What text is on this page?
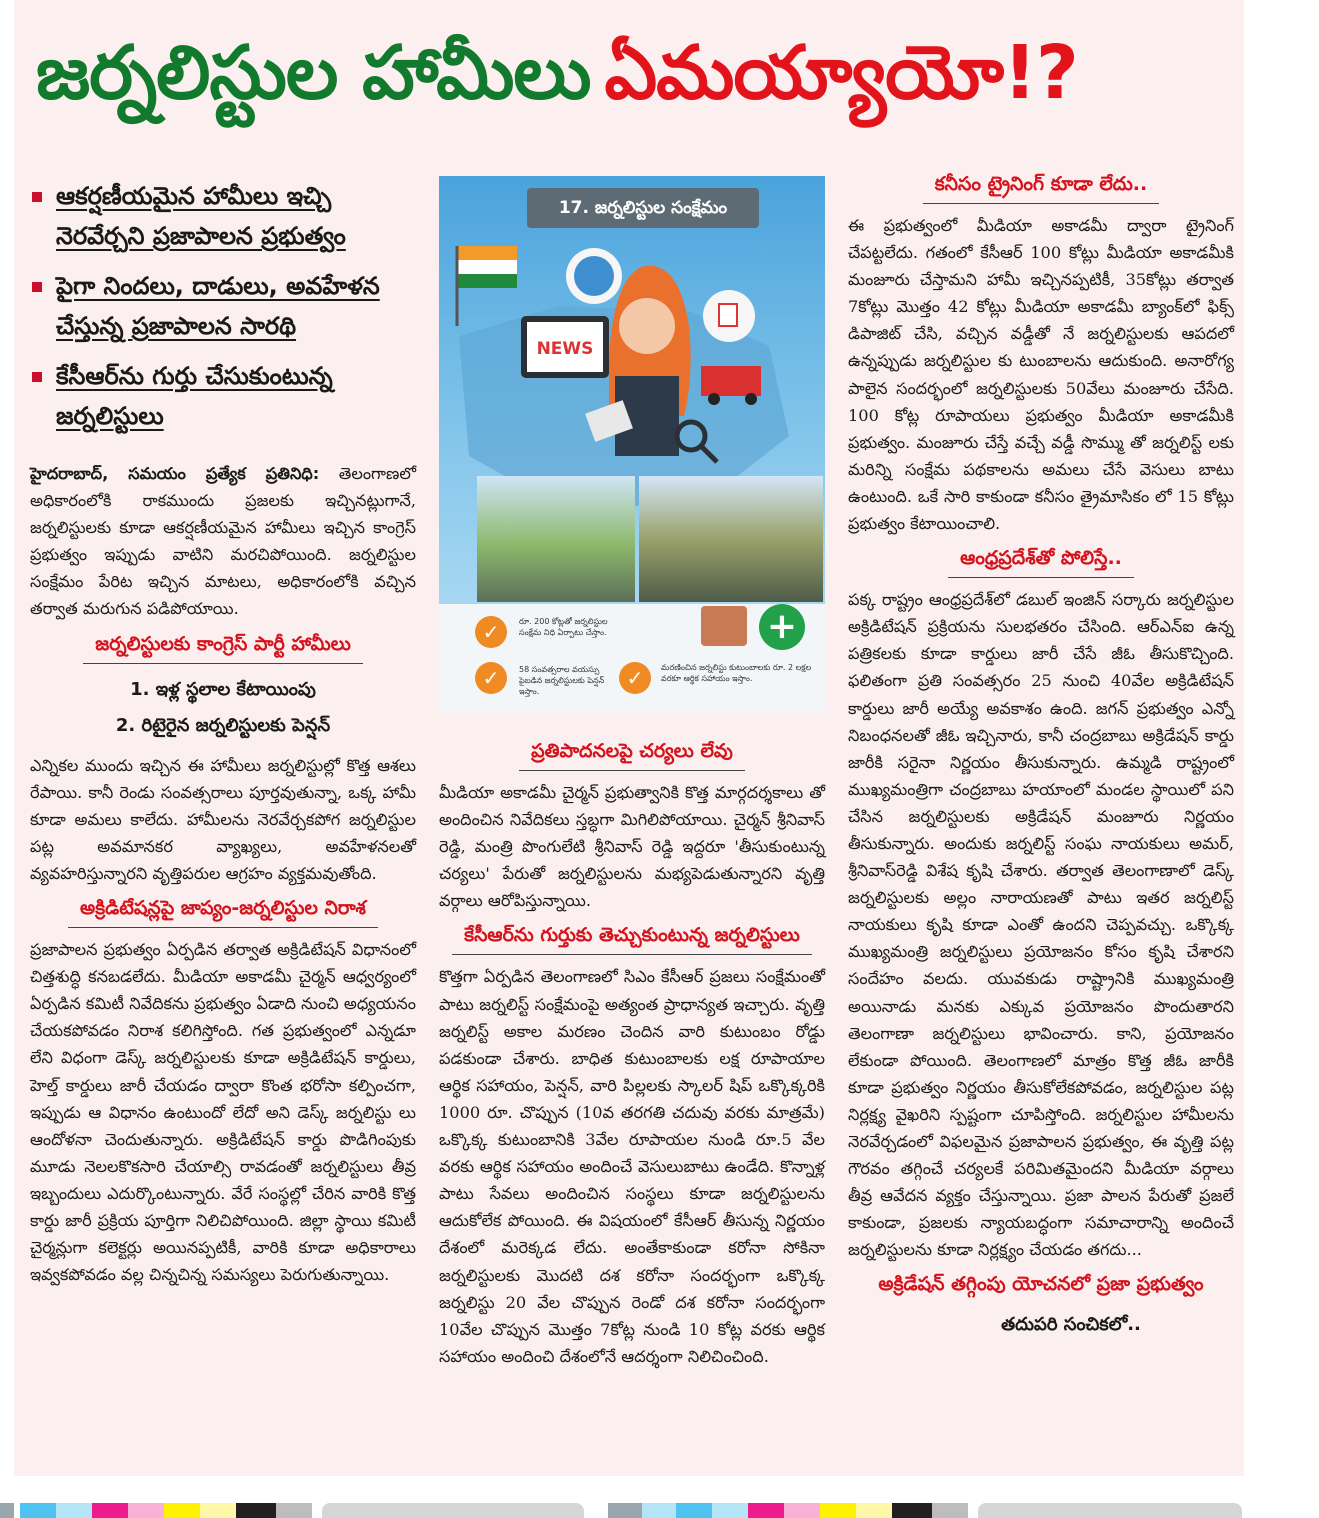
జర్నలిస్టుల హామీలు ఏమయ్యాయో!?
ఆకర్షణీయమైన హామీలు ఇచ్చి
నెరవేర్చని ప్రజాపాలన ప్రభుత్వం
పైగా నిందలు, దాడులు, అవహేళన
చేస్తున్న ప్రజాపాలన సారథి
కేసీఆర్‌ను గుర్తు చేసుకుంటున్న
జర్నలిస్టులు

హైదరాబాద్, సమయం ప్రత్యేక ప్రతినిధి: తెలంగాణలో అధికారంలోకి రాకముందు ప్రజలకు ఇచ్చినట్లుగానే, జర్నలిస్టులకు కూడా ఆకర్షణీయమైన హామీలు ఇచ్చిన కాంగ్రెస్ ప్రభుత్వం ఇప్పుడు వాటిని మరచిపోయింది. జర్నలిస్టుల సంక్షేమం పేరిట ఇచ్చిన మాటలు, అధికారంలోకి వచ్చిన తర్వాత మరుగున పడిపోయాయి.

జర్నలిస్టులకు కాంగ్రెస్ పార్టీ హామీలు
1. ఇళ్ల స్థలాల కేటాయింపు
2. రిటైరైన జర్నలిస్టులకు పెన్షన్

ఎన్నికల ముందు ఇచ్చిన ఈ హామీలు జర్నలిస్టుల్లో కొత్త ఆశలు రేపాయి. కానీ రెండు సంవత్సరాలు పూర్తవుతున్నా, ఒక్క హామీ కూడా అమలు కాలేదు. హామీలను నెరవేర్చకపోగ జర్నలిస్టుల పట్ల అవమానకర వ్యాఖ్యలు, అవహేళనలతో వ్యవహరిస్తున్నారని వృత్తిపరుల ఆగ్రహం వ్యక్తమవుతోంది.

అక్రిడిటేషన్లపై జాప్యం-జర్నలిస్టుల నిరాశ

ప్రజాపాలన ప్రభుత్వం ఏర్పడిన తర్వాత అక్రిడిటేషన్ విధానంలో చిత్తశుద్ధి కనబడలేదు. మీడియా అకాడమీ చైర్మన్ ఆధ్వర్యంలో ఏర్పడిన కమిటీ నివేదికను ప్రభుత్వం ఏడాది నుంచి అధ్యయనం చేయకపోవడం నిరాశ కలిగిస్తోంది. గత ప్రభుత్వంలో ఎన్నడూ లేని విధంగా డెస్క్ జర్నలిస్టులకు కూడా అక్రిడిటేషన్ కార్డులు, హెల్త్ కార్డులు జారీ చేయడం ద్వారా కొంత భరోసా కల్పించగా, ఇప్పుడు ఆ విధానం ఉంటుందో లేదో అని డెస్క్ జర్నలిస్టు లు ఆందోళనా చెందుతున్నారు. అక్రిడిటేషన్ కార్డు పొడిగింపుకు మూడు నెలలకొకసారి చేయాల్సి రావడంతో జర్నలిస్టులు తీవ్ర ఇబ్బందులు ఎదుర్కొంటున్నారు. వేరే సంస్థల్లో చేరిన వారికి కొత్త కార్డు జారీ ప్రక్రియ పూర్తిగా నిలిచిపోయింది. జిల్లా స్థాయి కమిటీ చైర్మన్లుగా కలెక్టర్లు అయినప్పటికీ, వారికి కూడా అధికారాలు ఇవ్వకపోవడం వల్ల చిన్నచిన్న సమస్యలు పెరుగుతున్నాయి.

17. జర్నలిస్టుల సంక్షేమం
NEWS
✓	రూ. 200 కోట్లతో జర్నలిస్టుల సంక్షేమ నిధి ఏర్పాటు చేస్తాం.
✓	58 సంవత్సరాల వయస్సు పైబడిన జర్నలిస్టులకు పెన్షన్ ఇస్తాం.
✓	మరణించిన జర్నలిస్టు కుటుంబాలకు రూ. 2 లక్షల వరకూ ఆర్థిక సహాయం ఇస్తాం.
+
ప్రతిపాదనలపై చర్యలు లేవు

మీడియా అకాడమీ చైర్మన్ ప్రభుత్వానికి కొత్త మార్గదర్శకాలు తో అందించిన నివేదికలు స్తబ్ధగా మిగిలిపోయాయి. చైర్మన్ శ్రీనివాస్ రెడ్డి, మంత్రి పొంగులేటి శ్రీనివాస్ రెడ్డి ఇద్దరూ 'తీసుకుంటున్న చర్యలు' పేరుతో జర్నలిస్టులను మభ్యపెడుతున్నారని వృత్తి వర్గాలు ఆరోపిస్తున్నాయి.

కేసీఆర్‌ను గుర్తుకు తెచ్చుకుంటున్న జర్నలిస్టులు

కొత్తగా ఏర్పడిన తెలంగాణలో సిఎం కేసీఆర్ ప్రజలు సంక్షేమంతో పాటు జర్నలిస్ట్ సంక్షేమంపై అత్యంత ప్రాధాన్యత ఇచ్చారు. వృత్తి జర్నలిస్ట్ అకాల మరణం చెందిన వారి కుటుంబం రోడ్డు పడకుండా చేశారు. బాధిత కుటుంబాలకు లక్ష రూపాయాల ఆర్థిక సహాయం, పెన్షన్, వారి పిల్లలకు స్కాలర్ షిప్ ఒక్కొక్కరికి 1000 రూ. చొప్పున (10వ తరగతి చదువు వరకు మాత్రమే) ఒక్కొక్క కుటుంబానికి 3వేల రూపాయల నుండి రూ.5 వేల వరకు ఆర్థిక సహాయం అందించే వెసులుబాటు ఉండేది. కొన్నాళ్ల పాటు సేవలు అందించిన సంస్థలు కూడా జర్నలిస్టులను ఆదుకోలేక పోయింది. ఈ విషయంలో కేసీఆర్ తీసున్న నిర్ణయం దేశంలో మరెక్కడ లేదు. అంతేకాకుండా కరోనా సోకినా జర్నలిస్టులకు మొదటి దశ కరోనా సందర్భంగా ఒక్కొక్క జర్నలిస్టు 20 వేల చొప్పున రెండో దశ కరోనా సందర్భంగా 10వేల చొప్పున మొత్తం 7కోట్ల నుండి 10 కోట్ల వరకు ఆర్థిక సహాయం అందించి దేశంలోనే ఆదర్శంగా నిలిచించింది.

కనీసం ట్రైనింగ్ కూడా లేదు..

ఈ ప్రభుత్వంలో మీడియా అకాడమీ ద్వారా ట్రైనింగ్ చేపట్టలేదు. గతంలో కేసీఆర్ 100 కోట్లు మీడియా అకాడమీకి మంజూరు చేస్తామని హామీ ఇచ్చినప్పటికీ, 35కోట్లు తర్వాత 7కోట్లు మొత్తం 42 కోట్లు మీడియా అకాడమీ బ్యాంక్‌లో ఫిక్స్ డిపాజిట్ చేసి, వచ్చిన వడ్డీతో నే జర్నలిస్టులకు ఆపదలో ఉన్నప్పుడు జర్నలిస్టుల కు టుంబాలను ఆదుకుంది. అనారోగ్య పాలైన సందర్భంలో జర్నలిస్టులకు 50వేలు మంజూరు చేసేది. 100 కోట్ల రూపాయలు ప్రభుత్వం మీడియా అకాడమీకి ప్రభుత్వం. మంజూరు చేస్తే వచ్చే వడ్డీ సొమ్ము తో జర్నలిస్ట్ లకు మరిన్ని సంక్షేమ పథకాలను అమలు చేసే వెసులు బాటు ఉంటుంది. ఒకే సారి కాకుండా కనీసం త్రైమాసికం లో 15 కోట్లు ప్రభుత్వం కేటాయించాలి.

ఆంధ్రప్రదేశ్‌తో పోలిస్తే..

పక్క రాష్ట్రం ఆంధ్రప్రదేశ్‌లో డబుల్ ఇంజిన్ సర్కారు జర్నలిస్టుల అక్రిడిటేషన్ ప్రక్రియను సులభతరం చేసింది. ఆర్ఎన్ఐ ఉన్న పత్రికలకు కూడా కార్డులు జారీ చేసే జీఓ తీసుకొచ్చింది. ఫలితంగా ప్రతి సంవత్సరం 25 నుంచి 40వేల అక్రిడిటేషన్ కార్డులు జారీ అయ్యే అవకాశం ఉంది. జగన్ ప్రభుత్వం ఎన్నో నిబంధనలతో జీఓ ఇచ్చినారు, కానీ చంద్రబాబు అక్రిడేషన్ కార్డు జారీకి సరైనా నిర్ణయం తీసుకున్నారు. ఉమ్మడి రాష్ట్రంలో ముఖ్యమంత్రిగా చంద్రబాబు హయాంలో మండల స్థాయిలో పని చేసిన జర్నలిస్టులకు అక్రిడేషన్ మంజూరు నిర్ణయం తీసుకున్నారు. అందుకు జర్నలిస్ట్ సంఘ నాయకులు అమర్, శ్రీనివాస్‌రెడ్డి విశేష కృషి చేశారు. తర్వాత తెలంగాణాలో డెస్క్ జర్నలిస్టులకు అల్లం నారాయణతో పాటు ఇతర జర్నలిస్ట్ నాయకులు కృషి కూడా ఎంతో ఉందని చెప్పవచ్చు. ఒక్కొక్క ముఖ్యమంత్రి జర్నలిస్టులు ప్రయోజనం కోసం కృషి చేశారని సందేహం వలదు. యువకుడు రాష్ట్రానికి ముఖ్యమంత్రి అయినాడు మనకు ఎక్కువ ప్రయోజనం పొందుతారని తెలంగాణా జర్నలిస్టులు భావించారు. కాని, ప్రయోజనం లేకుండా పోయింది. తెలంగాణలో మాత్రం కొత్త జీఓ జారీకి కూడా ప్రభుత్వం నిర్ణయం తీసుకోలేకపోవడం, జర్నలిస్టుల పట్ల నిర్లక్ష్య వైఖరిని స్పష్టంగా చూపిస్తోంది. జర్నలిస్టుల హామీలను నెరవేర్చడంలో విఫలమైన ప్రజాపాలన ప్రభుత్వం, ఈ వృత్తి పట్ల గౌరవం తగ్గించే చర్యలకే పరిమితమైందని మీడియా వర్గాలు తీవ్ర ఆవేదన వ్యక్తం చేస్తున్నాయి. ప్రజా పాలన పేరుతో ప్రజలే కాకుండా, ప్రజలకు న్యాయబద్ధంగా సమాచారాన్ని అందించే జర్నలిస్టులను కూడా నిర్లక్ష్యం చేయడం తగదు...

అక్రిడేషన్ తగ్గింపు యోచనలో ప్రజా ప్రభుత్వం
తదుపరి సంచికలో..
